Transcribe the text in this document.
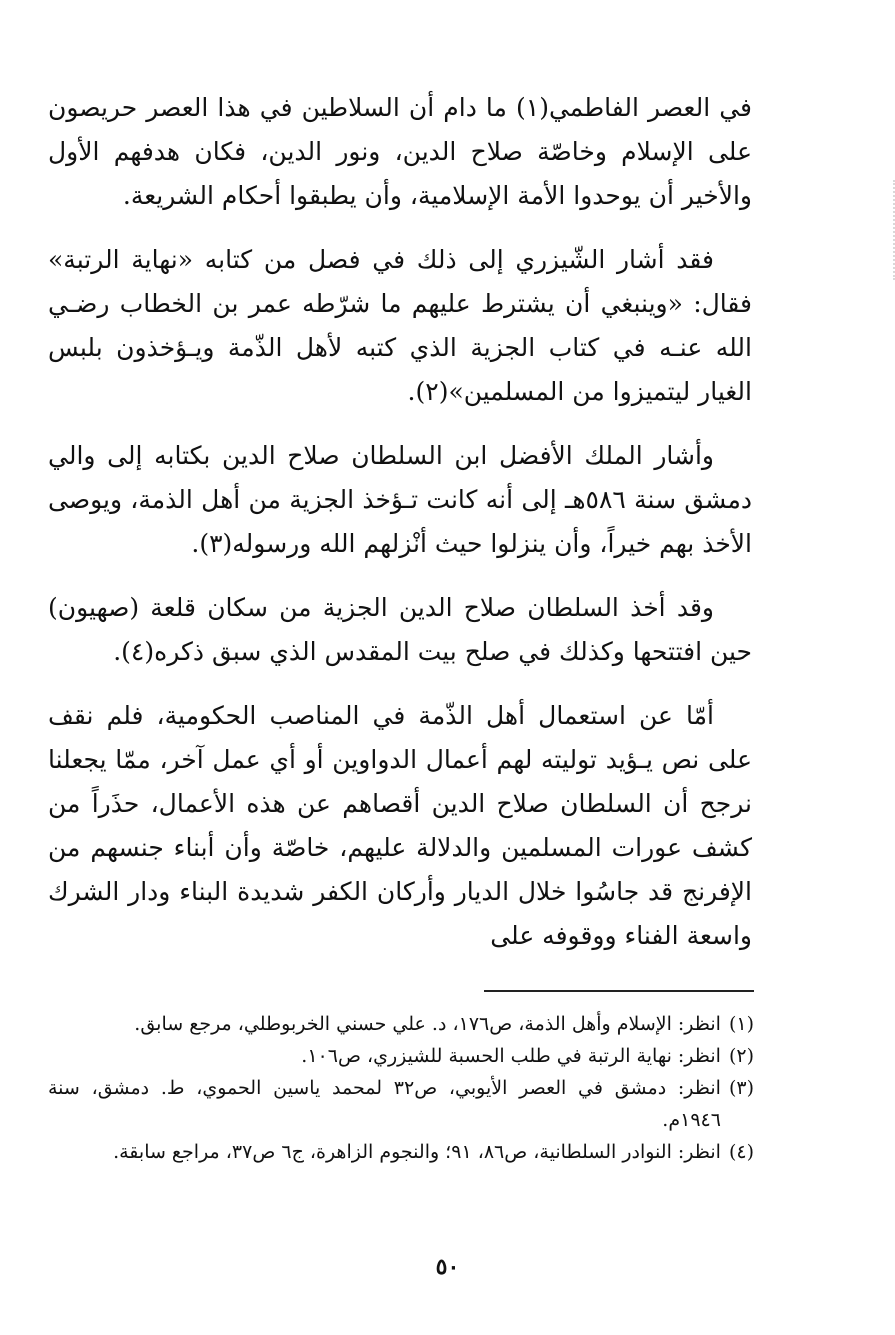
في العصر الفاطمي(١) ما دام أن السلاطين في هذا العصر حريصون على الإسلام وخاصّة صلاح الدين، ونور الدين، فكان هدفهم الأول والأخير أن يوحدوا الأمة الإسلامية، وأن يطبقوا أحكام الشريعة.

فقد أشار الشّيزري إلى ذلك في فصل من كتابه «نهاية الرتبة» فقال: «وينبغي أن يشترط عليهم ما شرّطه عمر بن الخطاب رضـي الله عنـه في كتاب الجزية الذي كتبه لأهل الذّمة ويـؤخذون بلبس الغيار ليتميزوا من المسلمين»(٢).

وأشار الملك الأفضل ابن السلطان صلاح الدين بكتابه إلى والي دمشق سنة ٥٨٦هـ إلى أنه كانت تـؤخذ الجزية من أهل الذمة، ويوصى الأخذ بهم خيراً، وأن ينزلوا حيث أنْزلهم الله ورسوله(٣).

وقد أخذ السلطان صلاح الدين الجزية من سكان قلعة (صهيون) حين افتتحها وكذلك في صلح بيت المقدس الذي سبق ذكره(٤).

أمّا عن استعمال أهل الذّمة في المناصب الحكومية، فلم نقف على نص يـؤيد توليته لهم أعمال الدواوين أو أي عمل آخر، ممّا يجعلنا نرجح أن السلطان صلاح الدين أقصاهم عن هذه الأعمال، حذَراً من كشف عورات المسلمين والدلالة عليهم، خاصّة وأن أبناء جنسهم من الإفرنج قد جاسُوا خلال الديار وأركان الكفر شديدة البناء ودار الشرك واسعة الفناء ووقوفه على

(١)
انظر: الإسلام وأهل الذمة، ص١٧٦، د. علي حسني الخربوطلي، مرجع سابق.
(٢)
انظر: نهاية الرتبة في طلب الحسبة للشيزري، ص١٠٦.
(٣)
انظر: دمشق في العصر الأيوبي، ص٣٢ لمحمد ياسين الحموي، ط. دمشق، سنة ١٩٤٦م.
(٤)
انظر: النوادر السلطانية، ص٨٦، ٩١؛ والنجوم الزاهرة، ج٦ ص٣٧، مراجع سابقة.
٥٠
